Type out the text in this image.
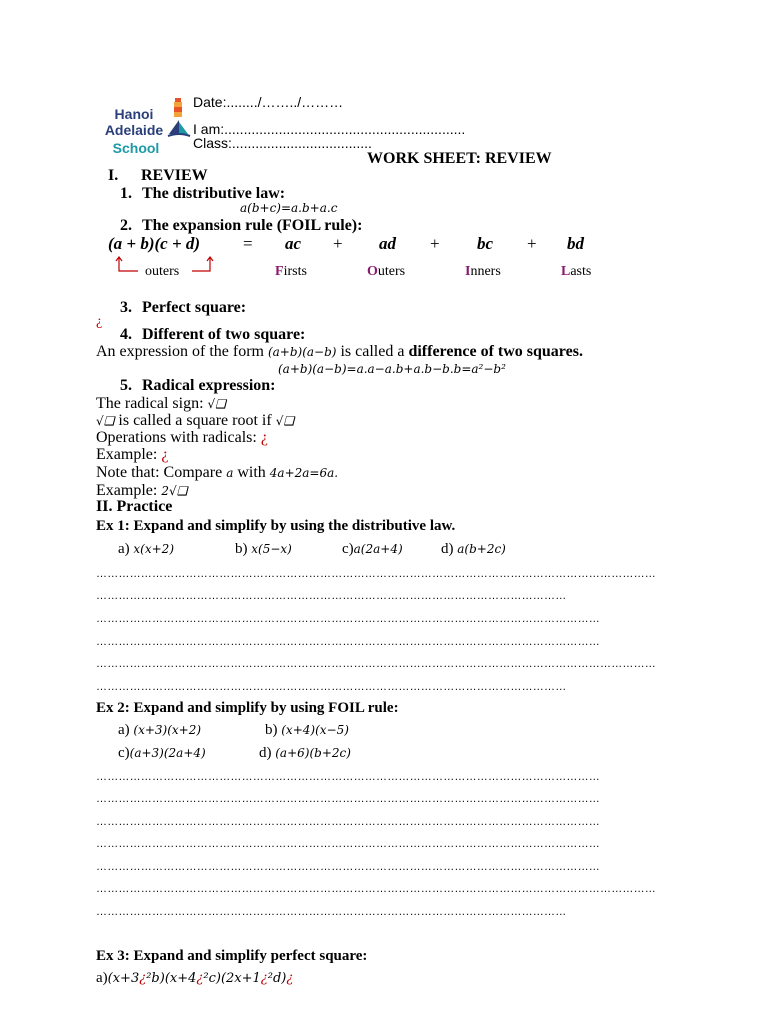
Hanoi
Adelaide
School
Date:......../……../………
I am:..............................................................
Class:....................................
WORK SHEET: REVIEW
I. REVIEW
1. The distributive law:
a(b+c)=a.b+a.c
2. The expansion rule (FOIL rule):
(a + b)(c + d)	= ac + ad + bc + bd
outers	Firsts	Outers	Inners	Lasts
3. Perfect square:
¿
4. Different of two square:
An expression of the form (a+b)(a−b) is called a difference of two squares.
(a+b)(a−b)=a.a−a.b+a.b−b.b=a²−b²
5. Radical expression:
The radical sign: √❑
√❑ is called a square root if √❑
Operations with radicals: ¿
Example: ¿
Note that: Compare a with 4a+2a=6a.
Example: 2√❑
II. Practice
Ex 1: Expand and simplify by using the distributive law.
a) x(x+2)	b) x(5−x)	c)a(2a+4)	d) a(b+2c)
……………………………………………………………………………………………………………………………………
………………………………………………………………………………………………………………
………………………………………………………………………………………………………………………
………………………………………………………………………………………………………………………
……………………………………………………………………………………………………………………………………
………………………………………………………………………………………………………………
Ex 2: Expand and simplify by using FOIL rule:
a) (x+3)(x+2)	b) (x+4)(x−5)
c)(a+3)(2a+4)	d) (a+6)(b+2c)
………………………………………………………………………………………………………………………
………………………………………………………………………………………………………………………
………………………………………………………………………………………………………………………
………………………………………………………………………………………………………………………
………………………………………………………………………………………………………………………
……………………………………………………………………………………………………………………………………
………………………………………………………………………………………………………………
Ex 3: Expand and simplify perfect square:
a)(x+3¿²b)(x+4¿²c)(2x+1¿²d)¿
